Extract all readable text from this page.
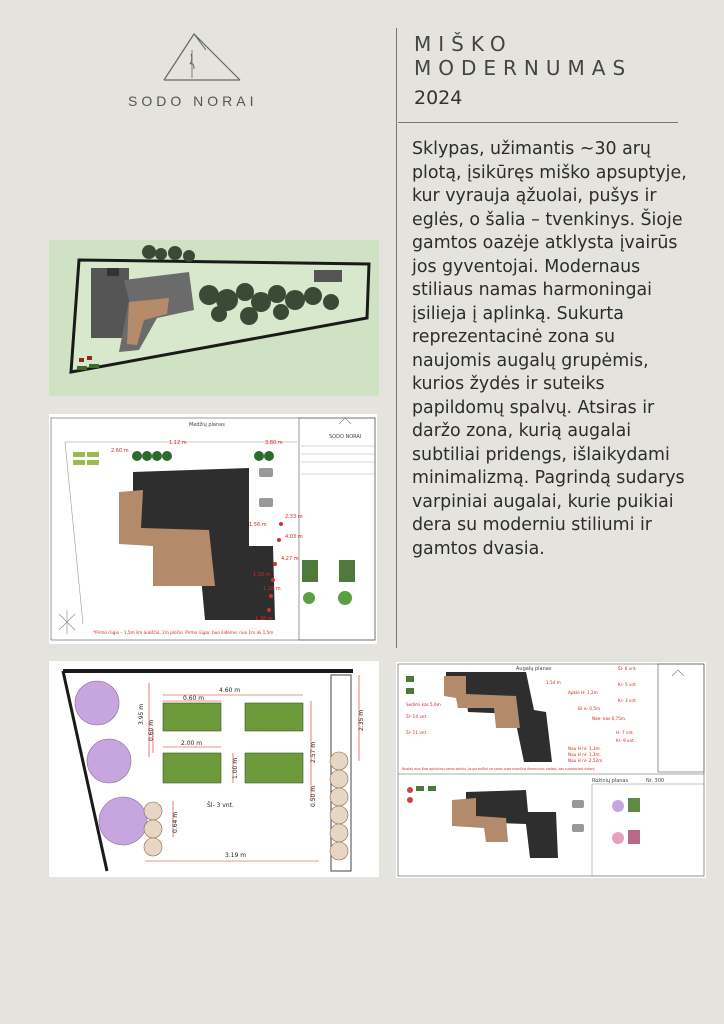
SODO NORAI
MIŠKO
MODERNUMAS
2024
Sklypas, užimantis ~30 arų plotą, įsikūręs miško apsuptyje, kur vyrauja ąžuolai, pušys ir eglės, o šalia – tvenkinys. Šioje gamtos oazėje atklysta įvairūs jos gyventojai. Modernaus stiliaus namas harmoningai įsilieja į aplinką. Sukurta reprezentacinė zona su naujomis augalų grupėmis, kurios žydės ir suteiks papildomų spalvų. Atsiras ir daržo zona, kurią augalai subtiliai pridengs, išlaikydami minimalizmą. Pagrindą sudarys varpiniai augalai, kurie puikiai dera su moderniu stiliumi ir gamtos dvasia.
Medžių planas
SODO NORAI
1.12 m	3.80 m
2.60 m
2.33 m
1.56 m
4.03 m
4.27 m
1.30 m
1.26 m
1.38 m
*Pirmo rūgio – 1,5m ilm aukščio, 2m pločio. Pirmo rūgio: buo ilideme: nuo 1m iki 1,5m
4.60 m
0.60 m
0.60 m
2.00 m
1.00 m
2.57 m
0.50 m
2.35 m
3.95 m
0.64 m
3.19 m
Šl- 3 vnt.
Augalų planas	Šl- 6 vnt.
1.54 m	Kr- 5 vnt.
Apklė H- 1,2m
Šl- 14 vnt.
Sedimi kas 5,6m
Br e- 0,5m
Kr- 3 vnt.
Nae- kas 0,75m.
Šl- 11 vnt.	H- 7 vnt.
Kr- 9 vnt.
Nau H nl- 1,3m.
Nau H nl- 1,3m.
Nau H nl- 2,52m.
Nuolaij mus šioo aplinkiniu vamo sotinis, jis gurbulčiai ne saros puse esančius šrmenukus vadzpt, kas suvajoniant sirtanį.
Rožinių planas	Nr. 300
